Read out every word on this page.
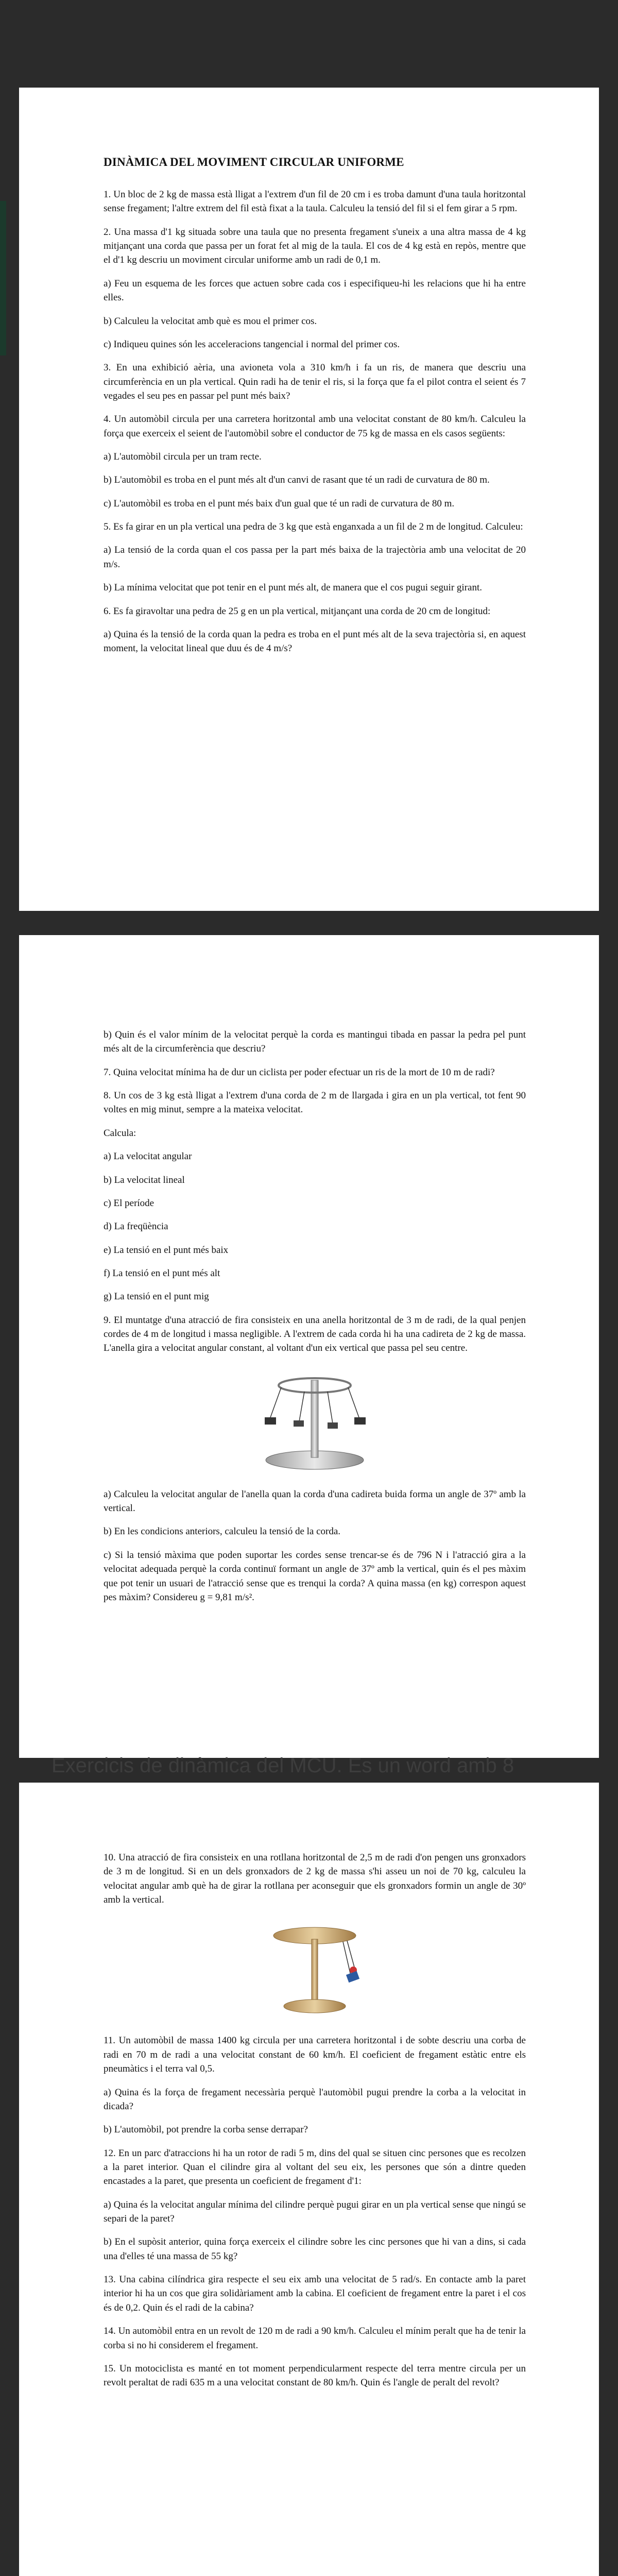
DINÀMICA DEL MOVIMENT CIRCULAR UNIFORME

1. Un bloc de 2 kg de massa està lligat a l'extrem d'un fil de 20 cm i es troba damunt d'una taula horitzontal sense fregament; l'altre extrem del fil està fixat a la taula. Calculeu la tensió del fil si el fem girar a 5 rpm.

2. Una massa d'1 kg situada sobre una taula que no presenta fregament s'uneix a una altra massa de 4 kg mitjançant una corda que passa per un forat fet al mig de la taula. El cos de 4 kg està en repòs, mentre que el d'1 kg descriu un moviment circular uniforme amb un radi de 0,1 m.

a) Feu un esquema de les forces que actuen sobre cada cos i especifiqueu-hi les relacions que hi ha entre elles.

b) Calculeu la velocitat amb què es mou el primer cos.

c) Indiqueu quines són les acceleracions tangencial i normal del primer cos.

3. En una exhibició aèria, una avioneta vola a 310 km/h i fa un ris, de manera que descriu una circumferència en un pla vertical. Quin radi ha de tenir el ris, si la força que fa el pilot contra el seient és 7 vegades el seu pes en passar pel punt més baix?

4. Un automòbil circula per una carretera horitzontal amb una velocitat constant de 80 km/h. Calculeu la força que exerceix el seient de l'automòbil sobre el conductor de 75 kg de massa en els casos següents:

a) L'automòbil circula per un tram recte.

b) L'automòbil es troba en el punt més alt d'un canvi de rasant que té un radi de curvatura de 80 m.

c) L'automòbil es troba en el punt més baix d'un gual que té un radi de curvatura de 80 m.

5. Es fa girar en un pla vertical una pedra de 3 kg que està enganxada a un fil de 2 m de longitud. Calculeu:

a) La tensió de la corda quan el cos passa per la part més baixa de la trajectòria amb una velocitat de 20 m/s.

b) La mínima velocitat que pot tenir en el punt més alt, de manera que el cos pugui seguir girant.

6. Es fa giravoltar una pedra de 25 g en un pla vertical, mitjançant una corda de 20 cm de longitud:

a) Quina és la tensió de la corda quan la pedra es troba en el punt més alt de la seva trajectòria si, en aquest moment, la velocitat lineal que duu és de 4 m/s?

b) Quin és el valor mínim de la velocitat perquè la corda es mantingui tibada en passar la pedra pel punt més alt de la circumferència que descriu?

7. Quina velocitat mínima ha de dur un ciclista per poder efectuar un ris de la mort de 10 m de radi?

8. Un cos de 3 kg està lligat a l'extrem d'una corda de 2 m de llargada i gira en un pla vertical, tot fent 90 voltes en mig minut, sempre a la mateixa velocitat.

Calcula:

a) La velocitat angular

b) La velocitat lineal

c) El període

d) La freqüència

e) La tensió en el punt més baix

f) La tensió en el punt més alt

g) La tensió en el punt mig

9. El muntatge d'una atracció de fira consisteix en una anella horitzontal de 3 m de radi, de la qual penjen cordes de 4 m de longitud i massa negligible. A l'extrem de cada corda hi ha una cadireta de 2 kg de massa. L'anella gira a velocitat angular constant, al voltant d'un eix vertical que passa pel seu centre.

a) Calculeu la velocitat angular de l'anella quan la corda d'una cadireta buida forma un angle de 37º amb la vertical.

b) En les condicions anteriors, calculeu la tensió de la corda.

c) Si la tensió màxima que poden suportar les cordes sense trencar-se és de 796 N i l'atracció gira a la velocitat adequada perquè la corda continuï formant un angle de 37º amb la vertical, quin és el pes màxim que pot tenir un usuari de l'atracció sense que es trenqui la corda? A quina massa (en kg) correspon aquest pes màxim? Considereu g = 9,81 m/s².

Exercicis de dinàmica del MCU. Es un word amb 8

10. Una atracció de fira consisteix en una rotllana horitzontal de 2,5 m de radi d'on pengen uns gronxadors de 3 m de longitud. Si en un dels gronxadors de 2 kg de massa s'hi asseu un noi de 70 kg, calculeu la velocitat angular amb què ha de girar la rotllana per aconseguir que els gronxadors formin un angle de 30º amb la vertical.

11. Un automòbil de massa 1400 kg circula per una carretera horitzontal i de sobte descriu una corba de radi en 70 m de radi a una velocitat constant de 60 km/h. El coeficient de fregament estàtic entre els pneumàtics i el terra val 0,5.

a) Quina és la força de fregament necessària perquè l'automòbil pugui prendre la corba a la velocitat in dicada?

b) L'automòbil, pot prendre la corba sense derrapar?

12. En un parc d'atraccions hi ha un rotor de radi 5 m, dins del qual se situen cinc persones que es recolzen a la paret interior. Quan el cilindre gira al voltant del seu eix, les persones que són a dintre queden encastades a la paret, que presenta un coeficient de fregament d'1:

a) Quina és la velocitat angular mínima del cilindre perquè pugui girar en un pla vertical sense que ningú se separi de la paret?

b) En el supòsit anterior, quina força exerceix el cilindre sobre les cinc persones que hi van a dins, si cada una d'elles té una massa de 55 kg?

13. Una cabina cilíndrica gira respecte el seu eix amb una velocitat de 5 rad/s. En contacte amb la paret interior hi ha un cos que gira solidàriament amb la cabina. El coeficient de fregament entre la paret i el cos és de 0,2. Quin és el radi de la cabina?

14. Un automòbil entra en un revolt de 120 m de radi a 90 km/h. Calculeu el mínim peralt que ha de tenir la corba si no hi considerem el fregament.

15. Un motociclista es manté en tot moment perpendicularment respecte del terra mentre circula per un revolt peraltat de radi 635 m a una velocitat constant de 80 km/h. Quin és l'angle de peralt del revolt?
